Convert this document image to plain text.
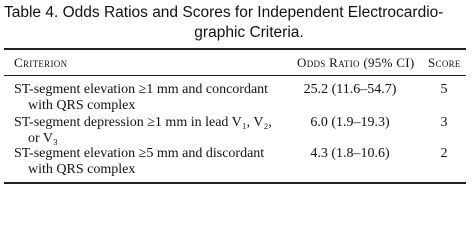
Table 4. Odds Ratios and Scores for Independent Electrocardio-
graphic Criteria.
Criterion	Odds Ratio (95% CI) Score
ST-segment elevation ≥1 mm and concordant
with QRS complex
25.2 (11.6–54.7)	5
ST-segment depression ≥1 mm in lead V₁, V₂,
or V₃
6.0 (1.9–19.3)	3
ST-segment elevation ≥5 mm and discordant
with QRS complex
4.3 (1.8–10.6)	2
